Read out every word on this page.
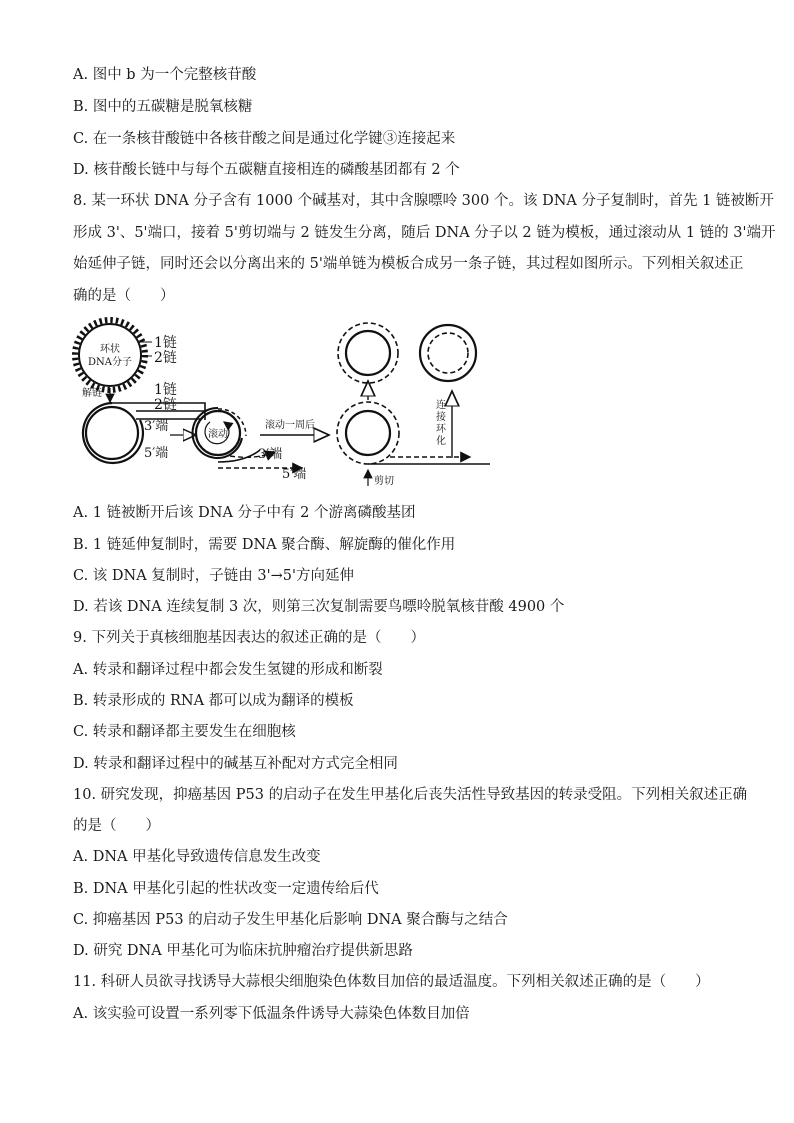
A. 图中 b 为一个完整核苷酸

B. 图中的五碳糖是脱氧核糖

C. 在一条核苷酸链中各核苷酸之间是通过化学键③连接起来

D. 核苷酸长链中与每个五碳糖直接相连的磷酸基团都有 2 个

8. 某一环状 DNA 分子含有 1000 个碱基对，其中含腺嘌呤 300 个。该 DNA 分子复制时，首先 1 链被断开

形成 3'、5'端口，接着 5'剪切端与 2 链发生分离，随后 DNA 分子以 2 链为模板，通过滚动从 1 链的 3'端开

始延伸子链，同时还会以分离出来的 5'端单链为模板合成另一条子链，其过程如图所示。下列相关叙述正

确的是（　　）

环状
DNA分子
1链
2链
解链	1链
2链
3′端
5′端
滚动
3′端
5′端
滚动一周后
剪切
连
接
环
化

A. 1 链被断开后该 DNA 分子中有 2 个游离磷酸基团

B. 1 链延伸复制时，需要 DNA 聚合酶、解旋酶的催化作用

C. 该 DNA 复制时，子链由 3'→5'方向延伸

D. 若该 DNA 连续复制 3 次，则第三次复制需要鸟嘌呤脱氧核苷酸 4900 个

9. 下列关于真核细胞基因表达的叙述正确的是（　　）

A. 转录和翻译过程中都会发生氢键的形成和断裂

B. 转录形成的 RNA 都可以成为翻译的模板

C. 转录和翻译都主要发生在细胞核

D. 转录和翻译过程中的碱基互补配对方式完全相同

10. 研究发现，抑癌基因 P53 的启动子在发生甲基化后丧失活性导致基因的转录受阻。下列相关叙述正确

的是（　　）

A. DNA 甲基化导致遗传信息发生改变

B. DNA 甲基化引起的性状改变一定遗传给后代

C. 抑癌基因 P53 的启动子发生甲基化后影响 DNA 聚合酶与之结合

D. 研究 DNA 甲基化可为临床抗肿瘤治疗提供新思路

11. 科研人员欲寻找诱导大蒜根尖细胞染色体数目加倍的最适温度。下列相关叙述正确的是（　　）

A. 该实验可设置一系列零下低温条件诱导大蒜染色体数目加倍
